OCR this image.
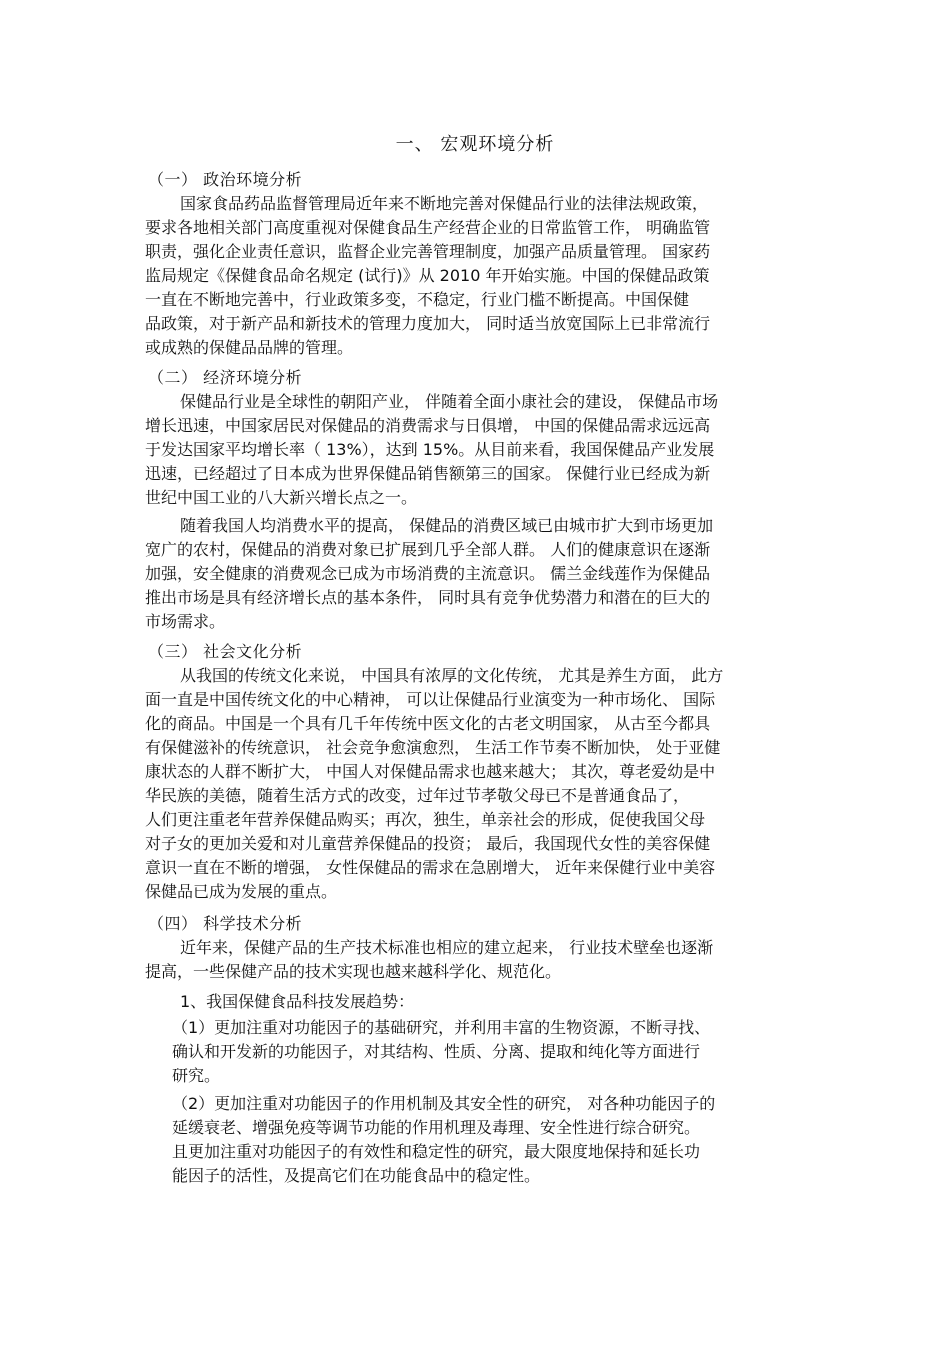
一、 宏观环境分析
（一） 政治环境分析
国家食品药品监督管理局近年来不断地完善对保健品行业的法律法规政策，
要求各地相关部门高度重视对保健食品生产经营企业的日常监管工作， 明确监管
职责，强化企业责任意识，监督企业完善管理制度，加强产品质量管理。 国家药
监局规定《保健食品命名规定 (试行)》从 2010 年开始实施。中国的保健品政策
一直在不断地完善中，行业政策多变，不稳定，行业门槛不断提高。中国保健
品政策，对于新产品和新技术的管理力度加大， 同时适当放宽国际上已非常流行
或成熟的保健品品牌的管理。
（二） 经济环境分析
保健品行业是全球性的朝阳产业， 伴随着全面小康社会的建设， 保健品市场
增长迅速，中国家居民对保健品的消费需求与日俱增， 中国的保健品需求远远高
于发达国家平均增长率（ 13%），达到 15%。从目前来看，我国保健品产业发展
迅速，已经超过了日本成为世界保健品销售额第三的国家。 保健行业已经成为新
世纪中国工业的八大新兴增长点之一。
随着我国人均消费水平的提高， 保健品的消费区域已由城市扩大到市场更加
宽广的农村，保健品的消费对象已扩展到几乎全部人群。 人们的健康意识在逐渐
加强，安全健康的消费观念已成为市场消费的主流意识。 儒兰金线莲作为保健品
推出市场是具有经济增长点的基本条件， 同时具有竞争优势潜力和潜在的巨大的
市场需求。
（三） 社会文化分析
从我国的传统文化来说， 中国具有浓厚的文化传统， 尤其是养生方面， 此方
面一直是中国传统文化的中心精神， 可以让保健品行业演变为一种市场化、 国际
化的商品。中国是一个具有几千年传统中医文化的古老文明国家， 从古至今都具
有保健滋补的传统意识， 社会竞争愈演愈烈， 生活工作节奏不断加快， 处于亚健
康状态的人群不断扩大， 中国人对保健品需求也越来越大； 其次，尊老爱幼是中
华民族的美德，随着生活方式的改变，过年过节孝敬父母已不是普通食品了，
人们更注重老年营养保健品购买；再次，独生，单亲社会的形成，促使我国父母
对子女的更加关爱和对儿童营养保健品的投资； 最后，我国现代女性的美容保健
意识一直在不断的增强， 女性保健品的需求在急剧增大， 近年来保健行业中美容
保健品已成为发展的重点。
（四） 科学技术分析
近年来，保健产品的生产技术标准也相应的建立起来， 行业技术壁垒也逐渐
提高，一些保健产品的技术实现也越来越科学化、规范化。
1、我国保健食品科技发展趋势：
（1）更加注重对功能因子的基础研究，并利用丰富的生物资源，不断寻找、
确认和开发新的功能因子，对其结构、性质、分离、提取和纯化等方面进行
研究。
（2）更加注重对功能因子的作用机制及其安全性的研究， 对各种功能因子的
延缓衰老、增强免疫等调节功能的作用机理及毒理、安全性进行综合研究。
且更加注重对功能因子的有效性和稳定性的研究，最大限度地保持和延长功
能因子的活性，及提高它们在功能食品中的稳定性。
